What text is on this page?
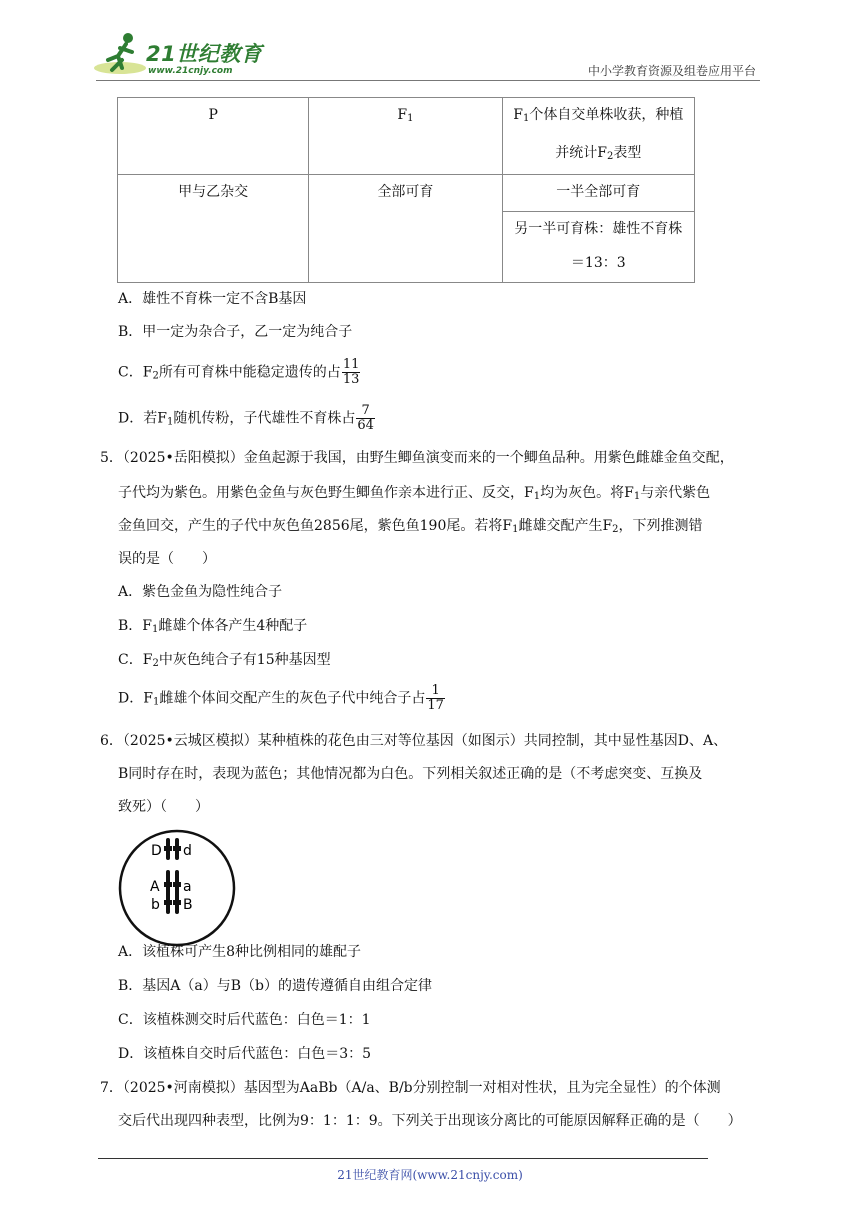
21世纪教育
www.21cnjy.com	中小学教育资源及组卷应用平台
P	$F_1$	$F_1$个体自交单株收获，种植
并统计$F_2$表型

甲与乙杂交	全部可育	一半全部可育

		另一半可育株：雄性不育株
＝13：3
A．雄性不育株一定不含B基因
B．甲一定为杂合子，乙一定为纯合子
C．$F_2$所有可育株中能稳定遗传的占 $\frac{11}{13}$
D．若$F_1$随机传粉，子代雄性不育株占 $\frac{7}{64}$
5．（2025•岳阳模拟）金鱼起源于我国，由野生鲫鱼演变而来的一个鲫鱼品种。用紫色雌雄金鱼交配，
子代均为紫色。用紫色金鱼与灰色野生鲫鱼作亲本进行正、反交，$F_1$均为灰色。将$F_1$与亲代紫色
金鱼回交，产生的子代中灰色鱼2856尾，紫色鱼190尾。若将$F_1$雌雄交配产生$F_2$，下列推测错
误的是（　　）
A．紫色金鱼为隐性纯合子
B．$F_1$雌雄个体各产生4种配子
C．$F_2$中灰色纯合子有15种基因型
D．$F_1$雌雄个体间交配产生的灰色子代中纯合子占 $\frac{1}{17}$
6．（2025•云城区模拟）某种植株的花色由三对等位基因（如图示）共同控制，其中显性基因D、A、
B同时存在时，表现为蓝色；其他情况都为白色。下列相关叙述正确的是（不考虑突变、互换及
致死）（　　）
D d
A a
b B
A．该植株可产生8种比例相同的雄配子
B．基因A（a）与B（b）的遗传遵循自由组合定律
C．该植株测交时后代蓝色：白色＝1：1
D．该植株自交时后代蓝色：白色＝3：5
7．（2025•河南模拟）基因型为AaBb（A/a、B/b分别控制一对相对性状，且为完全显性）的个体测
交后代出现四种表型，比例为9：1：1：9。下列关于出现该分离比的可能原因解释正确的是（　　）
21世纪教育网(www.21cnjy.com)
